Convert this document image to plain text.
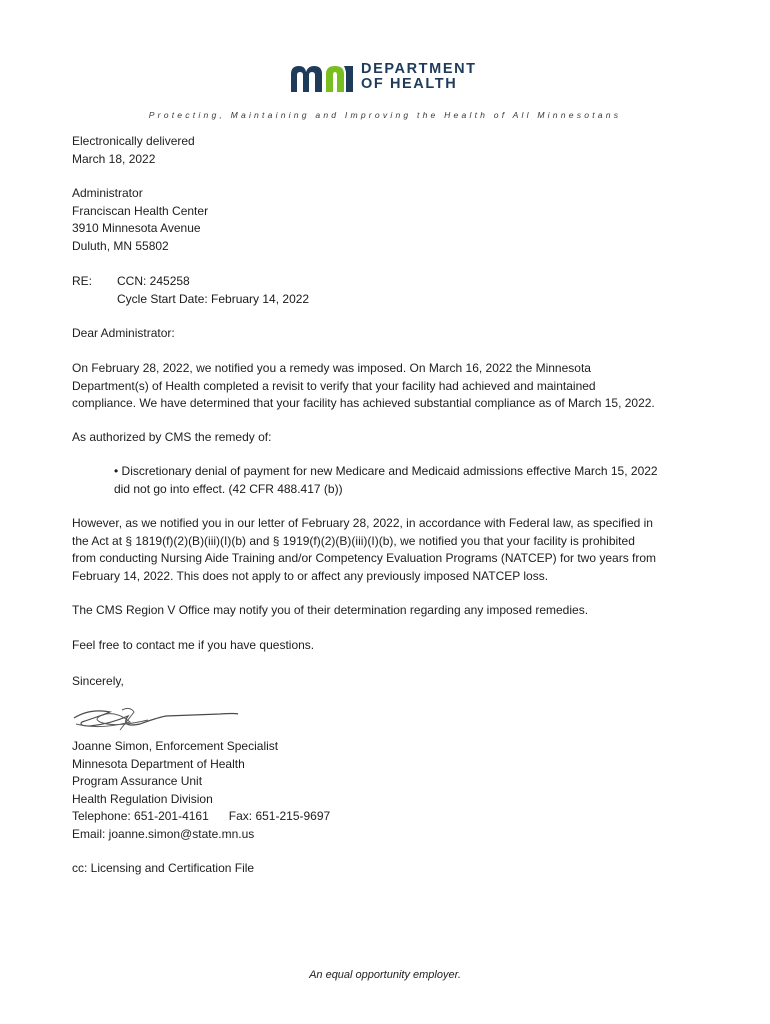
DEPARTMENT
OF HEALTH
Protecting, Maintaining and Improving the Health of All Minnesotans
Electronically delivered
March 18, 2022
Administrator
Franciscan Health Center
3910 Minnesota Avenue
Duluth, MN 55802
RE: CCN: 245258
Cycle Start Date: February 14, 2022
Dear Administrator:
On February 28, 2022, we notified you a remedy was imposed. On March 16, 2022 the Minnesota
Department(s) of Health completed a revisit to verify that your facility had achieved and maintained
compliance. We have determined that your facility has achieved substantial compliance as of March 15, 2022.
As authorized by CMS the remedy of:
• Discretionary denial of payment for new Medicare and Medicaid admissions effective March 15, 2022
did not go into effect. (42 CFR 488.417 (b))
However, as we notified you in our letter of February 28, 2022, in accordance with Federal law, as specified in
the Act at § 1819(f)(2)(B)(iii)(I)(b) and § 1919(f)(2)(B)(iii)(I)(b), we notified you that your facility is prohibited
from conducting Nursing Aide Training and/or Competency Evaluation Programs (NATCEP) for two years from
February 14, 2022. This does not apply to or affect any previously imposed NATCEP loss.
The CMS Region V Office may notify you of their determination regarding any imposed remedies.
Feel free to contact me if you have questions.
Sincerely,
Joanne Simon, Enforcement Specialist
Minnesota Department of Health
Program Assurance Unit
Health Regulation Division
Telephone: 651-201-4161 Fax: 651-215-9697
Email: joanne.simon@state.mn.us
cc: Licensing and Certification File
An equal opportunity employer.
